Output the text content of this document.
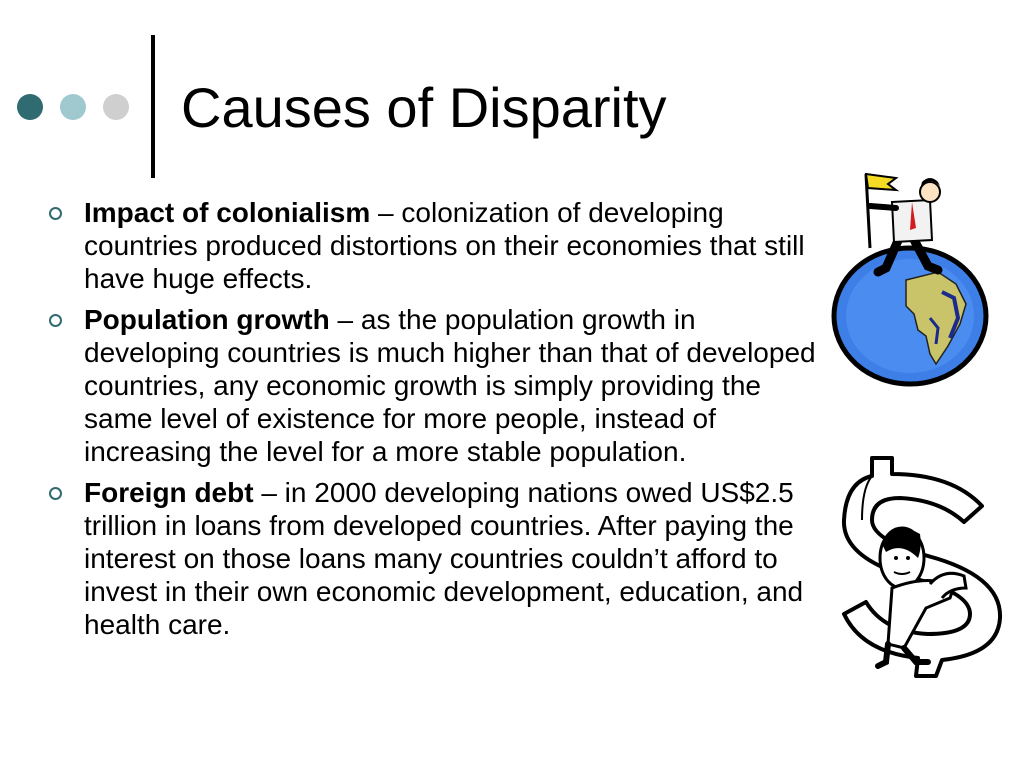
Causes of Disparity
Impact of colonialism – colonization of developing countries produced distortions on their economies that still have huge effects.
Population growth – as the population growth in developing countries is much higher than that of developed countries, any economic growth is simply providing the same level of existence for more people, instead of increasing the level for a more stable population.
Foreign debt – in 2000 developing nations owed US$2.5 trillion in loans from developed countries. After paying the interest on those loans many countries couldn’t afford to invest in their own economic development, education, and health care.
